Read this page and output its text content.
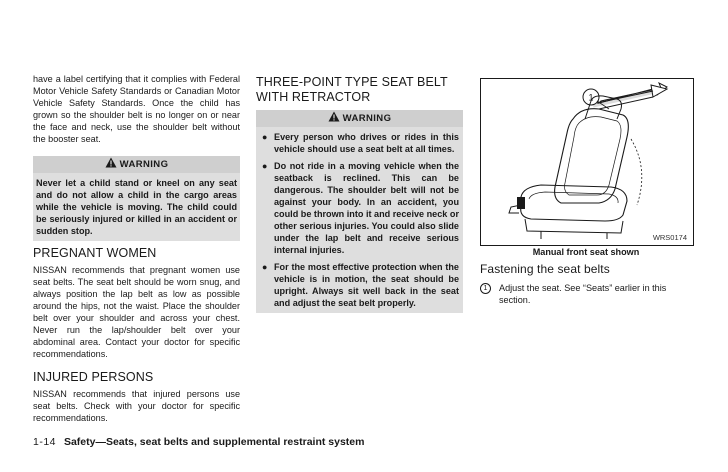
have a label certifying that it complies with Federal Motor Vehicle Safety Standards or Canadian Motor Vehicle Safety Standards. Once the child has grown so the shoulder belt is no longer on or near the face and neck, use the shoulder belt without the booster seat.

WARNING
Never let a child stand or kneel on any seat and do not allow a child in the cargo areas while the vehicle is moving. The child could be seriously injured or killed in an accident or sudden stop.
PREGNANT WOMEN

NISSAN recommends that pregnant women use seat belts. The seat belt should be worn snug, and always position the lap belt as low as possible around the hips, not the waist. Place the shoulder belt over your shoulder and across your chest. Never run the lap/shoulder belt over your abdominal area. Contact your doctor for specific recommendations.

INJURED PERSONS

NISSAN recommends that injured persons use seat belts. Check with your doctor for specific recommendations.

THREE-POINT TYPE SEAT BELT WITH RETRACTOR
WARNING
● Every person who drives or rides in this vehicle should use a seat belt at all times.
● Do not ride in a moving vehicle when the seatback is reclined. This can be dangerous. The shoulder belt will not be against your body. In an accident, you could be thrown into it and receive neck or other serious injuries. You could also slide under the lap belt and receive serious internal injuries.
● For the most effective protection when the vehicle is in motion, the seat should be upright. Always sit well back in the seat and adjust the seat belt properly.
1
WRS0174
Manual front seat shown
Fastening the seat belts
1	Adjust the seat. See “Seats” earlier in this section.
1-14 Safety—Seats, seat belts and supplemental restraint system
